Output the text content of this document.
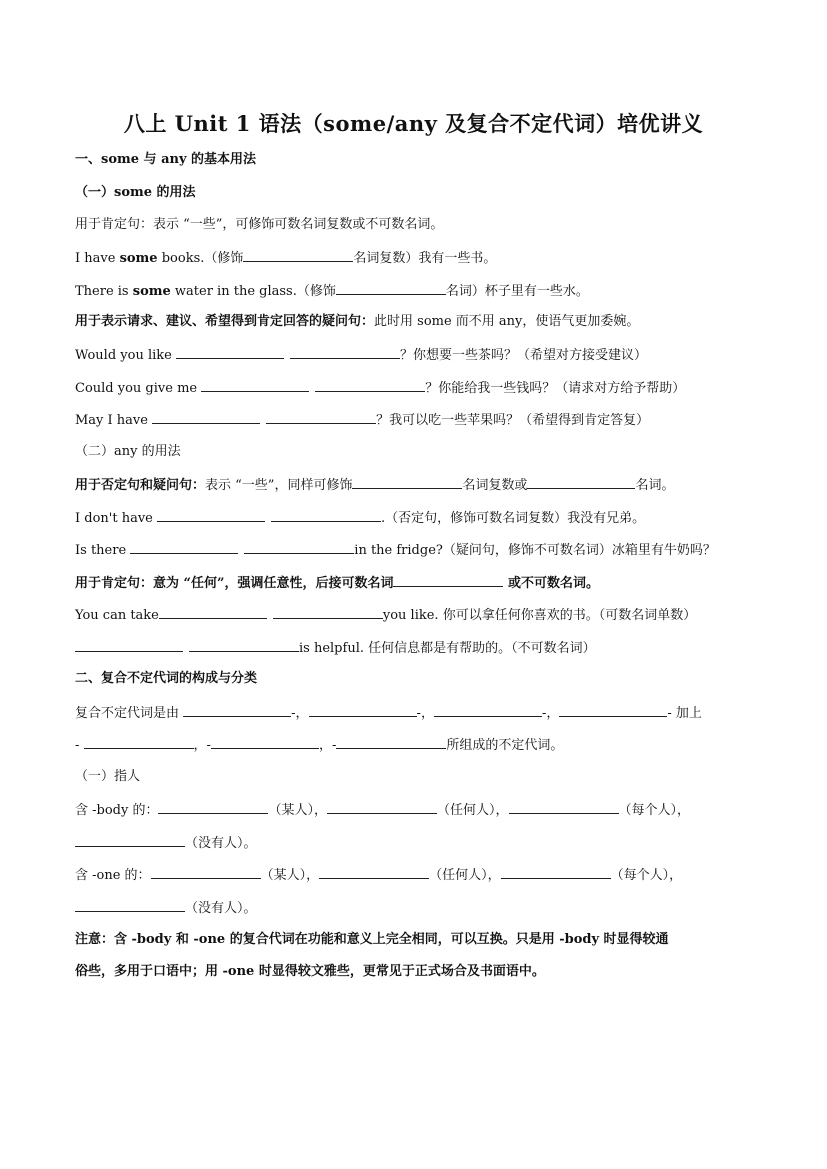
八上 Unit 1 语法（some/any 及复合不定代词）培优讲义
一、some 与 any 的基本用法
（一）some 的用法
用于肯定句：表示 “一些”，可修饰可数名词复数或不可数名词。
I have some books.（修饰	名词复数）我有一些书。
There is some water in the glass.（修饰	名词）杯子里有一些水。
用于表示请求、建议、希望得到肯定回答的疑问句：此时用 some 而不用 any，使语气更加委婉。
Would you like	？你想要一些茶吗？（希望对方接受建议）
Could you give me	？你能给我一些钱吗？（请求对方给予帮助）
May I have	？我可以吃一些苹果吗？（希望得到肯定答复）
（二）any 的用法
用于否定句和疑问句：表示 “一些”，同样可修饰	名词复数或	名词。
I don't have	.（否定句，修饰可数名词复数）我没有兄弟。
Is there	in the fridge?（疑问句，修饰不可数名词）冰箱里有牛奶吗？
用于肯定句：意为 “任何”，强调任意性，后接可数名词	或不可数名词。
You can take	you like. 你可以拿任何你喜欢的书。（可数名词单数）
is helpful. 任何信息都是有帮助的。（不可数名词）
二、复合不定代词的构成与分类
复合不定代词是由	-，	-，	-，	- 加上
-	，-	，-	所组成的不定代词。
（一）指人
含 -body 的：	（某人），	（任何人），	（每个人），
（没有人）。
含 -one 的：	（某人），	（任何人），	（每个人），
（没有人）。
注意：含 -body 和 -one 的复合代词在功能和意义上完全相同，可以互换。只是用 -body 时显得较通
俗些，多用于口语中；用 -one 时显得较文雅些，更常见于正式场合及书面语中。
